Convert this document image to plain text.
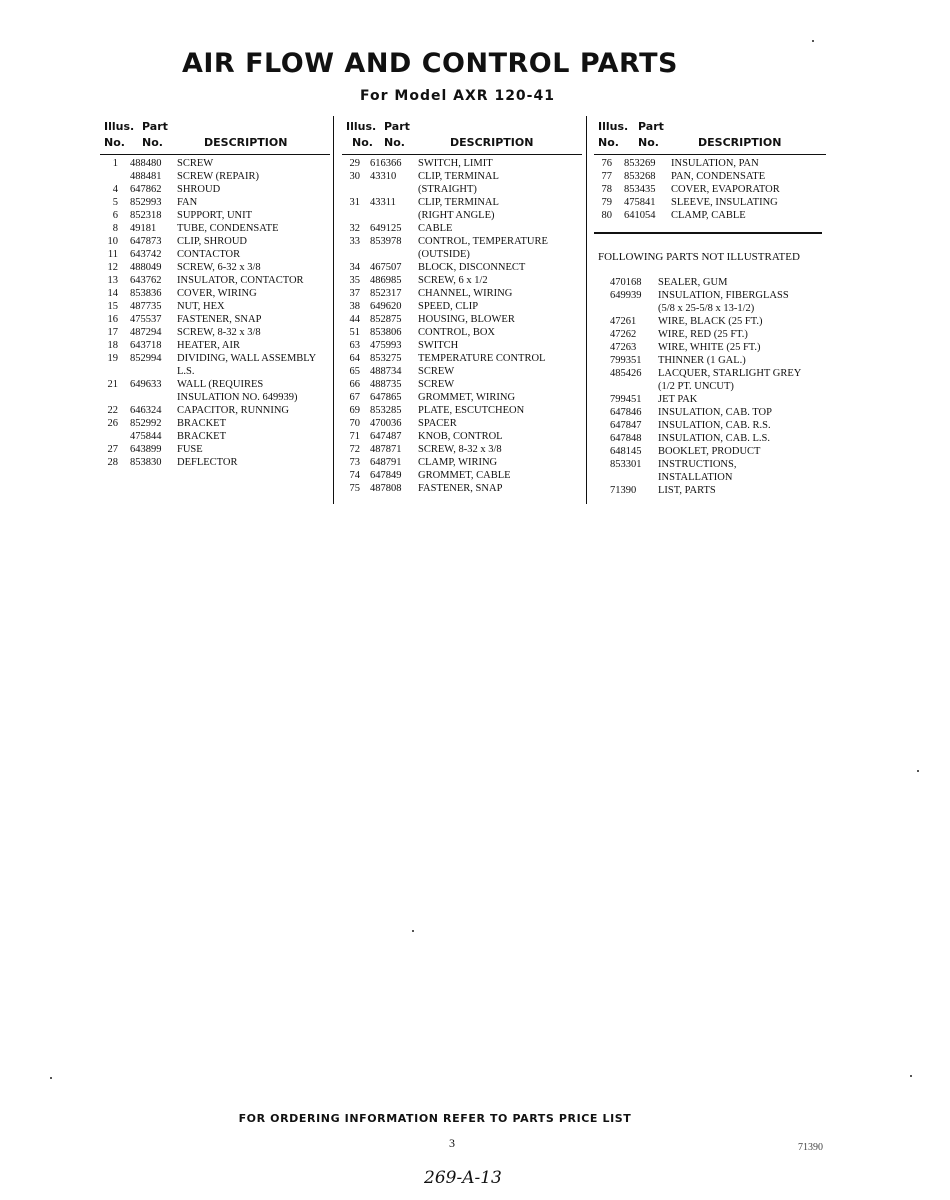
AIR FLOW AND CONTROL PARTS
For Model AXR 120-41
Illus. Part
No. No.	DESCRIPTION
1 488480 SCREW
488481 SCREW (REPAIR)
4 647862 SHROUD
5 852993 FAN
6 852318 SUPPORT, UNIT
8 49181 TUBE, CONDENSATE
10 647873 CLIP, SHROUD
11 643742 CONTACTOR
12 488049 SCREW, 6-32 x 3/8
13 643762 INSULATOR, CONTACTOR
14 853836 COVER, WIRING
15 487735 NUT, HEX
16 475537 FASTENER, SNAP
17 487294 SCREW, 8-32 x 3/8
18 643718 HEATER, AIR
19 852994 DIVIDING, WALL ASSEMBLY
L.S.
21 649633 WALL (REQUIRES
INSULATION NO. 649939)
22 646324 CAPACITOR, RUNNING
26 852992 BRACKET
475844 BRACKET
27 643899 FUSE
28 853830 DEFLECTOR
Illus. Part
No. No.	DESCRIPTION
29 616366 SWITCH, LIMIT
30 43310 CLIP, TERMINAL
(STRAIGHT)
31 43311 CLIP, TERMINAL
(RIGHT ANGLE)
32 649125 CABLE
33 853978 CONTROL, TEMPERATURE
(OUTSIDE)
34 467507 BLOCK, DISCONNECT
35 486985 SCREW, 6 x 1/2
37 852317 CHANNEL, WIRING
38 649620 SPEED, CLIP
44 852875 HOUSING, BLOWER
51 853806 CONTROL, BOX
63 475993 SWITCH
64 853275 TEMPERATURE CONTROL
65 488734 SCREW
66 488735 SCREW
67 647865 GROMMET, WIRING
69 853285 PLATE, ESCUTCHEON
70 470036 SPACER
71 647487 KNOB, CONTROL
72 487871 SCREW, 8-32 x 3/8
73 648791 CLAMP, WIRING
74 647849 GROMMET, CABLE
75 487808 FASTENER, SNAP
Illus. Part
No. No.	DESCRIPTION
76 853269 INSULATION, PAN
77 853268 PAN, CONDENSATE
78 853435 COVER, EVAPORATOR
79 475841 SLEEVE, INSULATING
80 641054 CLAMP, CABLE
FOLLOWING PARTS NOT ILLUSTRATED
470168 SEALER, GUM
649939 INSULATION, FIBERGLASS
(5/8 x 25-5/8 x 13-1/2)
47261 WIRE, BLACK (25 FT.)
47262 WIRE, RED (25 FT.)
47263 WIRE, WHITE (25 FT.)
799351 THINNER (1 GAL.)
485426 LACQUER, STARLIGHT GREY
(1/2 PT. UNCUT)
799451 JET PAK
647846 INSULATION, CAB. TOP
647847 INSULATION, CAB. R.S.
647848 INSULATION, CAB. L.S.
648145 BOOKLET, PRODUCT
853301 INSTRUCTIONS,
INSTALLATION
71390 LIST, PARTS
FOR ORDERING INFORMATION REFER TO PARTS PRICE LIST
3	71390
269-A-13
